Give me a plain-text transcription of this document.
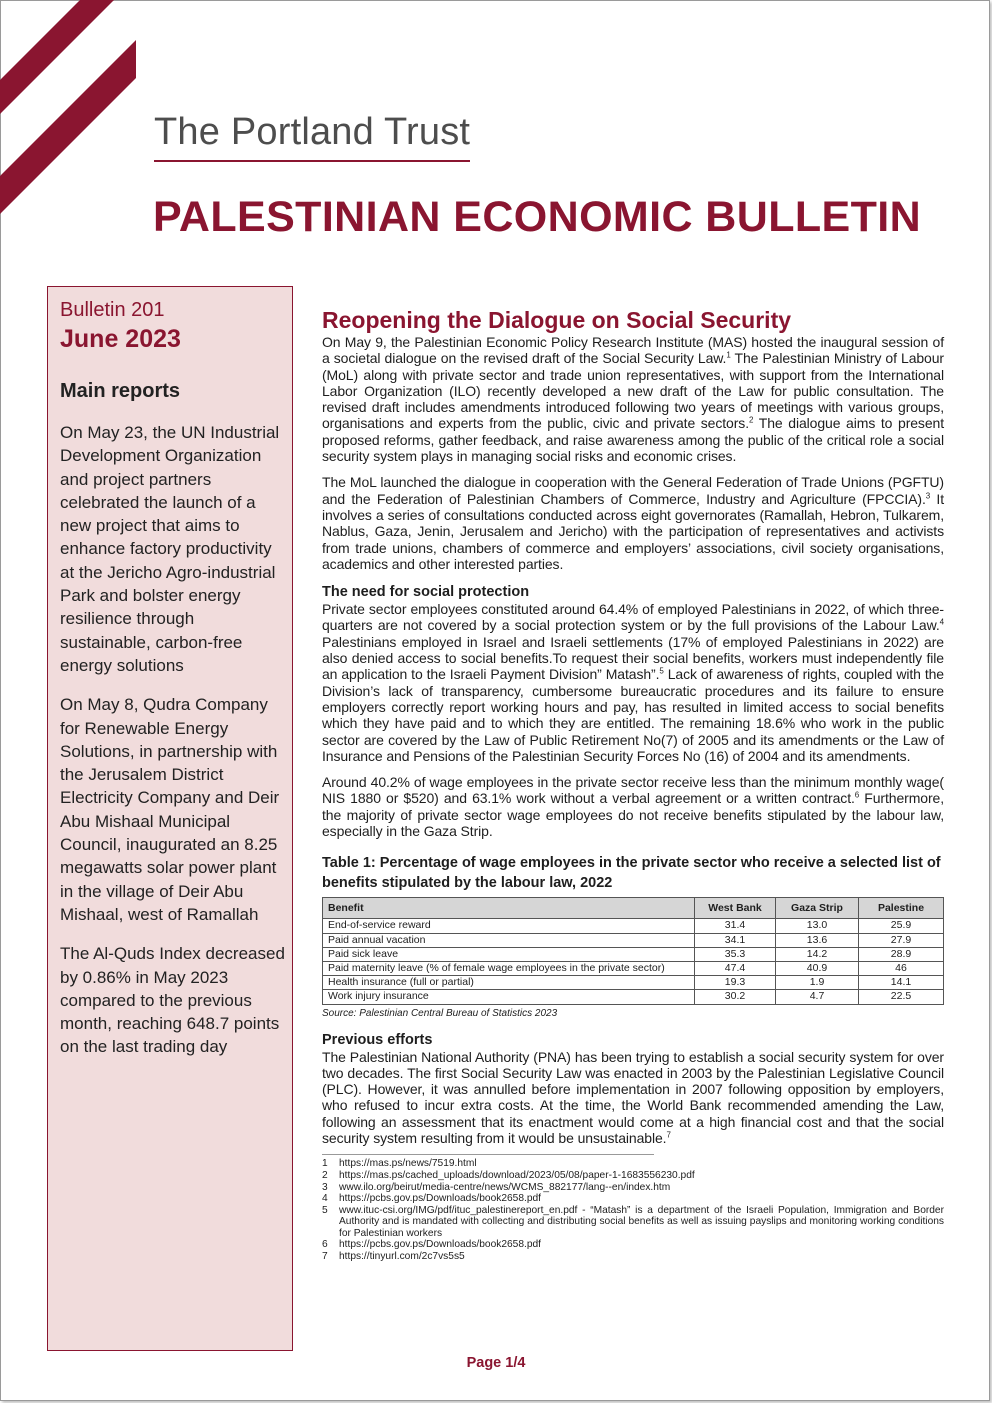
The Portland Trust
PALESTINIAN ECONOMIC BULLETIN
Bulletin 201
June 2023
Main reports
On May 23, the UN Industrial Development Organization and project partners celebrated the launch of a new project that aims to enhance factory productivity at the Jericho Agro-industrial Park and bolster energy resilience through sustainable, carbon-free energy solutions
On May 8, Qudra Company for Renewable Energy Solutions, in partnership with the Jerusalem District Electricity Company and Deir Abu Mishaal Municipal Council, inaugurated an 8.25 megawatts solar power plant in the village of Deir Abu Mishaal, west of Ramallah
The Al-Quds Index decreased by 0.86% in May 2023 compared to the previous month, reaching 648.7 points on the last trading day
Reopening the Dialogue on Social Security

On May 9, the Palestinian Economic Policy Research Institute (MAS) hosted the inaugural session of a societal dialogue on the revised draft of the Social Security Law.$^1$ The Palestinian Ministry of Labour (MoL) along with private sector and trade union representatives, with support from the International Labor Organization (ILO) recently developed a new draft of the Law for public consultation. The revised draft includes amendments introduced following two years of meetings with various groups, organisations and experts from the public, civic and private sectors.$^2$ The dialogue aims to present proposed reforms, gather feedback, and raise awareness among the public of the critical role a social security system plays in managing social risks and economic crises.

The MoL launched the dialogue in cooperation with the General Federation of Trade Unions (PGFTU) and the Federation of Palestinian Chambers of Commerce, Industry and Agriculture (FPCCIA).$^3$ It involves a series of consultations conducted across eight governorates (Ramallah, Hebron, Tulkarem, Nablus, Gaza, Jenin, Jerusalem and Jericho) with the participation of representatives and activists from trade unions, chambers of commerce and employers’ associations, civil society organisations, academics and other interested parties.

The need for social protection

Private sector employees constituted around 64.4% of employed Palestinians in 2022, of which three-quarters are not covered by a social protection system or by the full provisions of the Labour Law.$^4$ Palestinians employed in Israel and Israeli settlements (17% of employed Palestinians in 2022) are also denied access to social benefits.To request their social benefits, workers must independently file an application to the Israeli Payment Division” Matash”.$^5$ Lack of awareness of rights, coupled with the Division’s lack of transparency, cumbersome bureaucratic procedures and its failure to ensure employers correctly report working hours and pay, has resulted in limited access to social benefits which they have paid and to which they are entitled. The remaining 18.6% who work in the public sector are covered by the Law of Public Retirement No(7) of 2005 and its amendments or the Law of Insurance and Pensions of the Palestinian Security Forces No (16) of 2004 and its amendments.

Around 40.2% of wage employees in the private sector receive less than the minimum monthly wage( NIS 1880 or $520) and 63.1% work without a verbal agreement or a written contract.$^6$ Furthermore, the majority of private sector wage employees do not receive benefits stipulated by the labour law, especially in the Gaza Strip.

Table 1: Percentage of wage employees in the private sector who receive a selected list of benefits stipulated by the labour law, 2022
Benefit	West Bank	Gaza Strip	Palestine
End-of-service reward	31.4	13.0	25.9
Paid annual vacation	34.1	13.6	27.9
Paid sick leave	35.3	14.2	28.9
Paid maternity leave (% of female wage employees in the private sector)	47.4	40.9	46
Health insurance (full or partial)	19.3	1.9	14.1
Work injury insurance	30.2	4.7	22.5
Source: Palestinian Central Bureau of Statistics 2023
Previous efforts

The Palestinian National Authority (PNA) has been trying to establish a social security system for over two decades. The first Social Security Law was enacted in 2003 by the Palestinian Legislative Council (PLC). However, it was annulled before implementation in 2007 following opposition by employers, who refused to incur extra costs. At the time, the World Bank recommended amending the Law, following an assessment that its enactment would come at a high financial cost and that the social security system resulting from it would be unsustainable.$^7$

1	https://mas.ps/news/7519.html
2	https://mas.ps/cached_uploads/download/2023/05/08/paper-1-1683556230.pdf
3	www.ilo.org/beirut/media-centre/news/WCMS_882177/lang--en/index.htm
4	https://pcbs.gov.ps/Downloads/book2658.pdf
5	www.ituc-csi.org/IMG/pdf/ituc_palestinereport_en.pdf - “Matash” is a department of the Israeli Population, Immigration and Border Authority and is mandated with collecting and distributing social benefits as well as issuing payslips and monitoring working conditions for Palestinian workers
6	https://pcbs.gov.ps/Downloads/book2658.pdf
7	https://tinyurl.com/2c7vs5s5
Page 1/4
